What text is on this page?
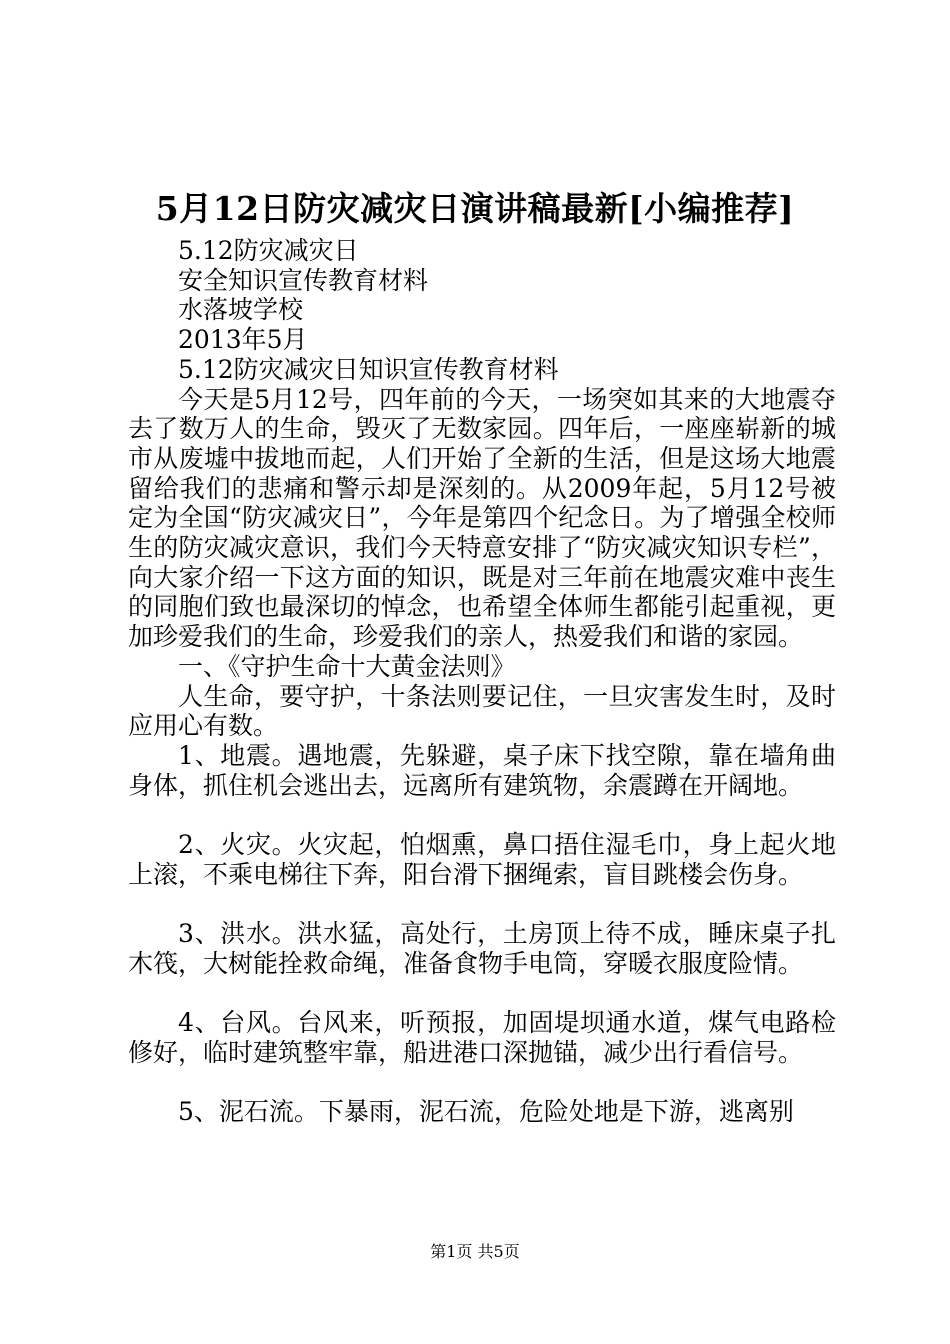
5月12日防灾减灾日演讲稿最新[小编推荐]

5.12防灾减灾日

安全知识宣传教育材料

水落坡学校

2013年5月

5.12防灾减灾日知识宣传教育材料

今天是5月12号，四年前的今天，一场突如其来的大地震夺去了数万人的生命，毁灭了无数家园。四年后，一座座崭新的城市从废墟中拔地而起，人们开始了全新的生活，但是这场大地震留给我们的悲痛和警示却是深刻的。从2009年起，5月12号被定为全国“防灾减灾日”，今年是第四个纪念日。为了增强全校师生的防灾减灾意识，我们今天特意安排了“防灾减灾知识专栏”，向大家介绍一下这方面的知识，既是对三年前在地震灾难中丧生的同胞们致也最深切的悼念，也希望全体师生都能引起重视，更加珍爱我们的生命，珍爱我们的亲人，热爱我们和谐的家园。

一、《守护生命十大黄金法则》

人生命，要守护，十条法则要记住，一旦灾害发生时，及时应用心有数。

1、地震。遇地震，先躲避，桌子床下找空隙，靠在墙角曲身体，抓住机会逃出去，远离所有建筑物，余震蹲在开阔地。

2、火灾。火灾起，怕烟熏，鼻口捂住湿毛巾，身上起火地上滚，不乘电梯往下奔，阳台滑下捆绳索，盲目跳楼会伤身。

3、洪水。洪水猛，高处行，土房顶上待不成，睡床桌子扎木筏，大树能拴救命绳，准备食物手电筒，穿暖衣服度险情。

4、台风。台风来，听预报，加固堤坝通水道，煤气电路检修好，临时建筑整牢靠，船进港口深抛锚，减少出行看信号。

5、泥石流。下暴雨，泥石流，危险处地是下游，逃离别

第1页 共5页
